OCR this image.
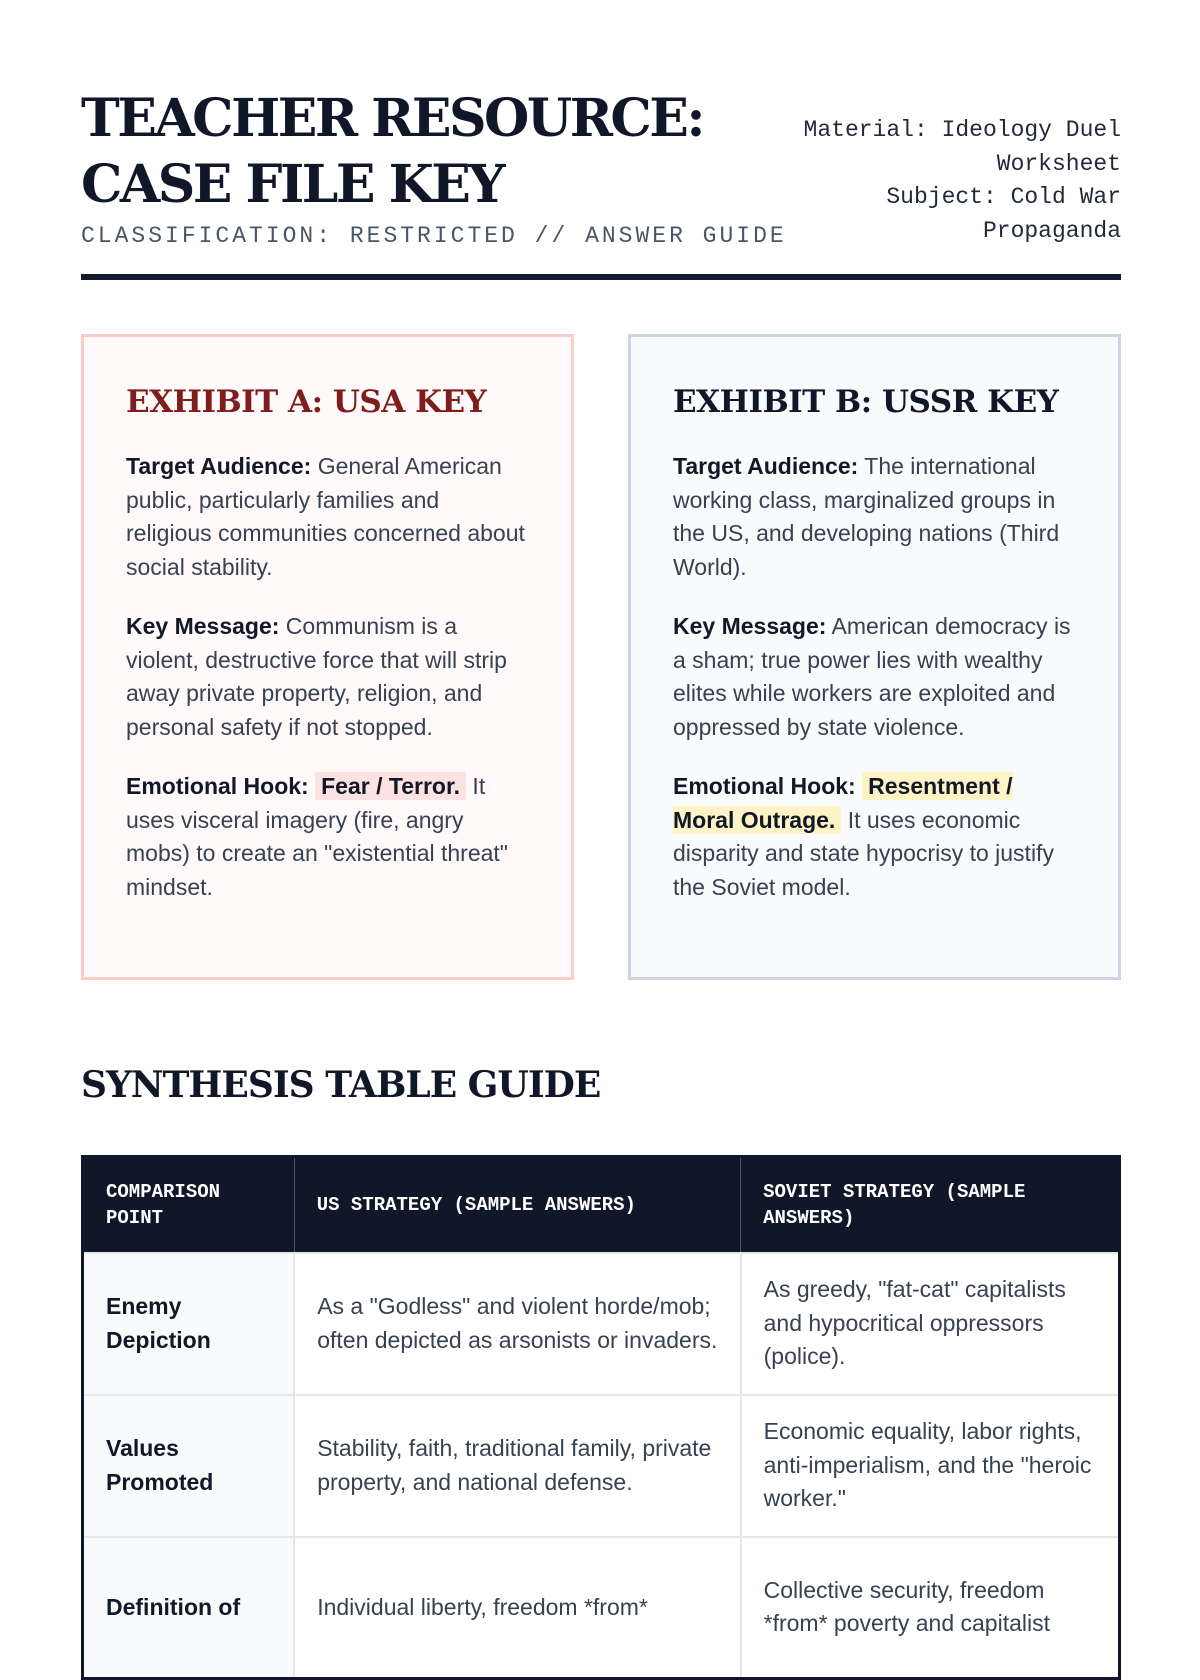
TEACHER RESOURCE:
CASE FILE KEY
CLASSIFICATION: RESTRICTED // ANSWER GUIDE
Material: Ideology Duel
Worksheet
Subject: Cold War
Propaganda
EXHIBIT A: USA KEY

Target Audience: General American public, particularly families and religious communities concerned about social stability.

Key Message: Communism is a violent, destructive force that will strip away private property, religion, and personal safety if not stopped.

Emotional Hook: Fear / Terror. It uses visceral imagery (fire, angry mobs) to create an "existential threat" mindset.

EXHIBIT B: USSR KEY

Target Audience: The international working class, marginalized groups in the US, and developing nations (Third World).

Key Message: American democracy is a sham; true power lies with wealthy elites while workers are exploited and oppressed by state violence.

Emotional Hook: Resentment / Moral Outrage. It uses economic disparity and state hypocrisy to justify the Soviet model.

SYNTHESIS TABLE GUIDE
COMPARISON POINT	US STRATEGY (SAMPLE ANSWERS)	SOVIET STRATEGY (SAMPLE ANSWERS)
Enemy Depiction	As a "Godless" and violent horde/mob; often depicted as arsonists or invaders.	As greedy, "fat-cat" capitalists and hypocritical oppressors (police).
Values Promoted	Stability, faith, traditional family, private property, and national defense.	Economic equality, labor rights, anti-imperialism, and the "heroic worker."
Definition of	Individual liberty, freedom *from*	Collective security, freedom *from* poverty and capitalist
